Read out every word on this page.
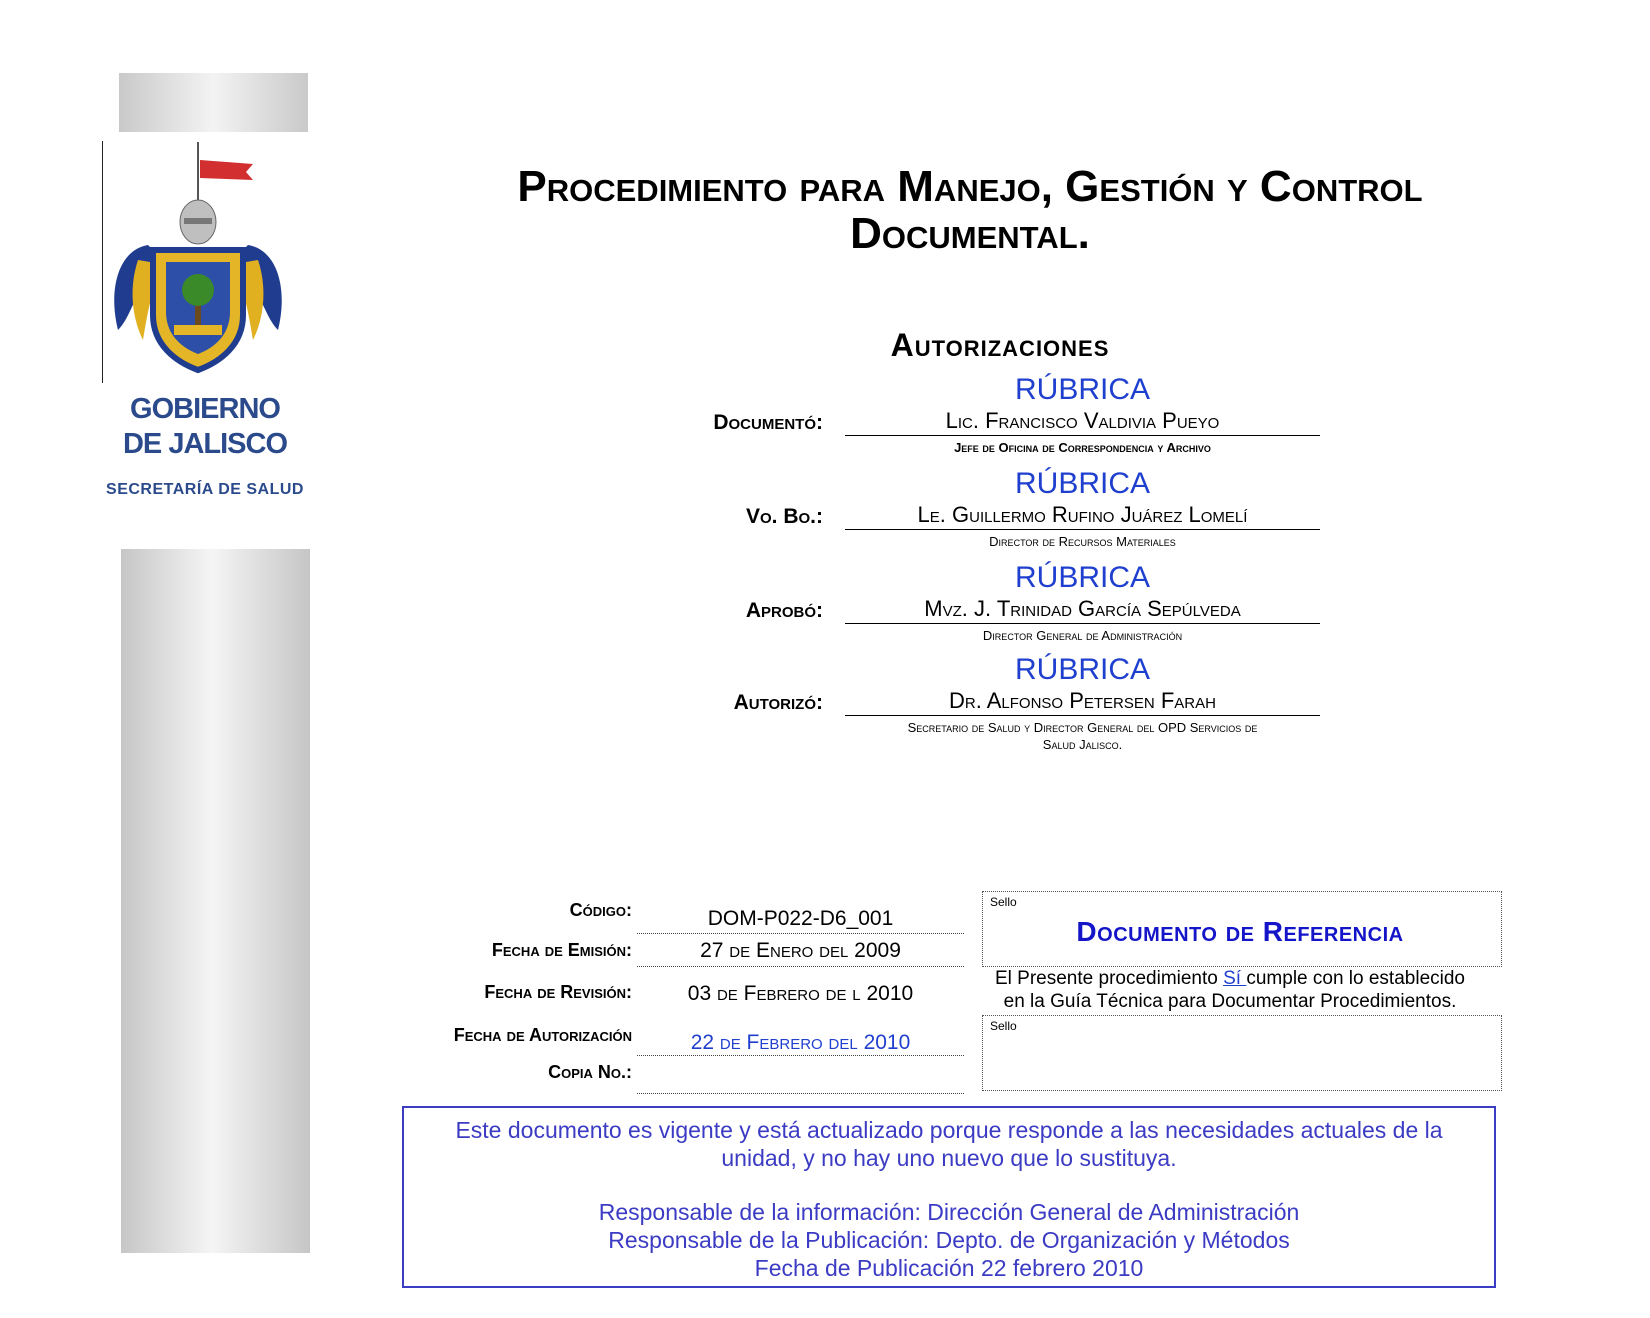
GOBIERNO
DE JALISCO
SECRETARÍA DE SALUD
Procedimiento para Manejo, Gestión y Control
Documental.
Autorizaciones
RÚBRICA
Documentó:	Lic. Francisco Valdivia Pueyo
Jefe de Oficina de Correspondencia y Archivo
RÚBRICA
Vo. Bo.:	Le. Guillermo Rufino Juárez Lomelí
Director de Recursos Materiales
RÚBRICA
Aprobó:	Mvz. J. Trinidad García Sepúlveda
Director General de Administración
RÚBRICA
Autorizó:	Dr. Alfonso Petersen Farah
Secretario de Salud y Director General del OPD Servicios de
Salud Jalisco.
Código:	DOM-P022-D6_001
Fecha de Emisión:	27 de Enero del 2009
Fecha de Revisión:	03 de Febrero de l 2010
Fecha de Autorización	22 de Febrero del 2010
Copia No.:
Sello
Documento de Referencia
El Presente procedimiento Sí cumple con lo establecido
en la Guía Técnica para Documentar Procedimientos.
Sello

Este documento es vigente y está actualizado porque responde a las necesidades actuales de la

unidad, y no hay uno nuevo que lo sustituya.

Responsable de la información: Dirección General de Administración

Responsable de la Publicación: Depto. de Organización y Métodos

Fecha de Publicación 22 febrero 2010
